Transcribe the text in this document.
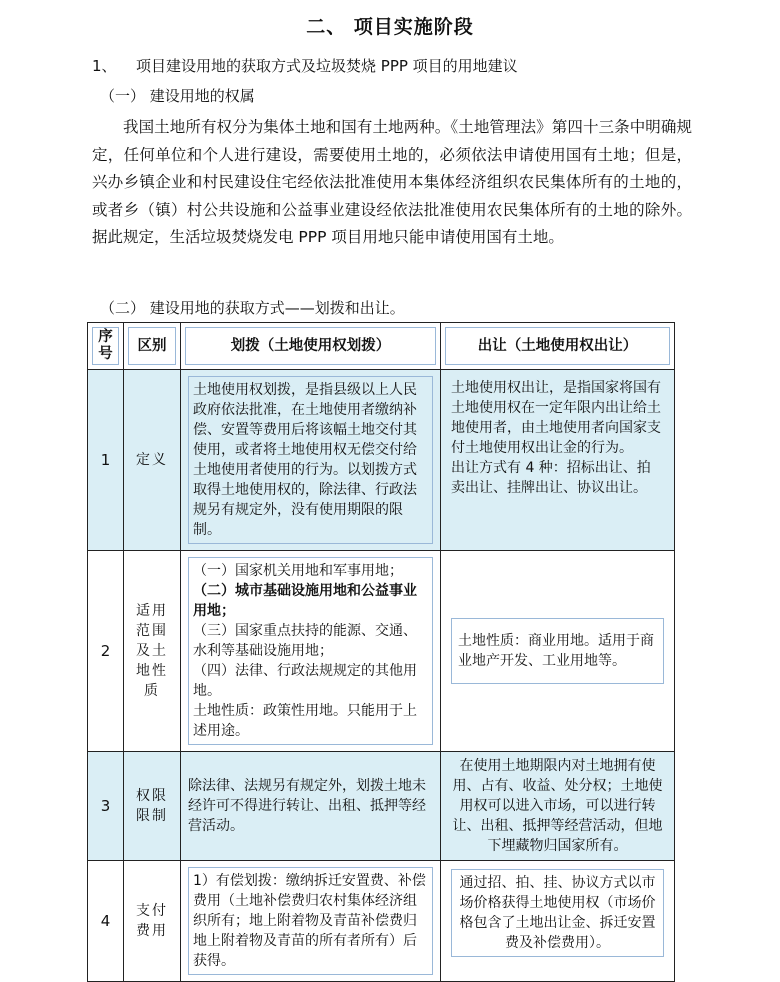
二、 项目实施阶段
1、 项目建设用地的获取方式及垃圾焚烧 PPP 项目的用地建议
（一） 建设用地的权属

我国土地所有权分为集体土地和国有土地两种。《土地管理法》第四十三条中明确规定，任何单位和个人进行建设，需要使用土地的，必须依法申请使用国有土地；但是，兴办乡镇企业和村民建设住宅经依法批准使用本集体经济组织农民集体所有的土地的，或者乡（镇）村公共设施和公益事业建设经依法批准使用农民集体所有的土地的除外。据此规定，生活垃圾焚烧发电 PPP 项目用地只能申请使用国有土地。

（二） 建设用地的获取方式——划拨和出让。
序号	区别	划拨（土地使用权划拨）	出让（土地使用权出让）

1	定义	土地使用权划拨，是指县级以上人民政府依法批准，在土地使用者缴纳补偿、安置等费用后将该幅土地交付其使用，或者将土地使用权无偿交付给土地使用者使用的行为。以划拨方式取得土地使用权的，除法律、行政法规另有规定外，没有使用期限的限制。	土地使用权出让，是指国家将国有土地使用权在一定年限内出让给土地使用者，由土地使用者向国家支付土地使用权出让金的行为。
出让方式有 4 种：招标出让、拍卖出让、挂牌出让、协议出让。

2	适用范围及土地性质	（一）国家机关用地和军事用地；
（二）城市基础设施用地和公益事业用地；
（三）国家重点扶持的能源、交通、水利等基础设施用地；
（四）法律、行政法规规定的其他用地。
土地性质：政策性用地。只能用于上述用途。	土地性质：商业用地。适用于商业地产开发、工业用地等。

3	权限限制	除法律、法规另有规定外，划拨土地未经许可不得进行转让、出租、抵押等经营活动。	在使用土地期限内对土地拥有使用、占有、收益、处分权；土地使用权可以进入市场，可以进行转让、出租、抵押等经营活动，但地下埋藏物归国家所有。

4	支付费用	1）有偿划拨：缴纳拆迁安置费、补偿费用（土地补偿费归农村集体经济组织所有；地上附着物及青苗补偿费归地上附着物及青苗的所有者所有）后获得。	通过招、拍、挂、协议方式以市场价格获得土地使用权（市场价格包含了土地出让金、拆迁安置费及补偿费用）。
